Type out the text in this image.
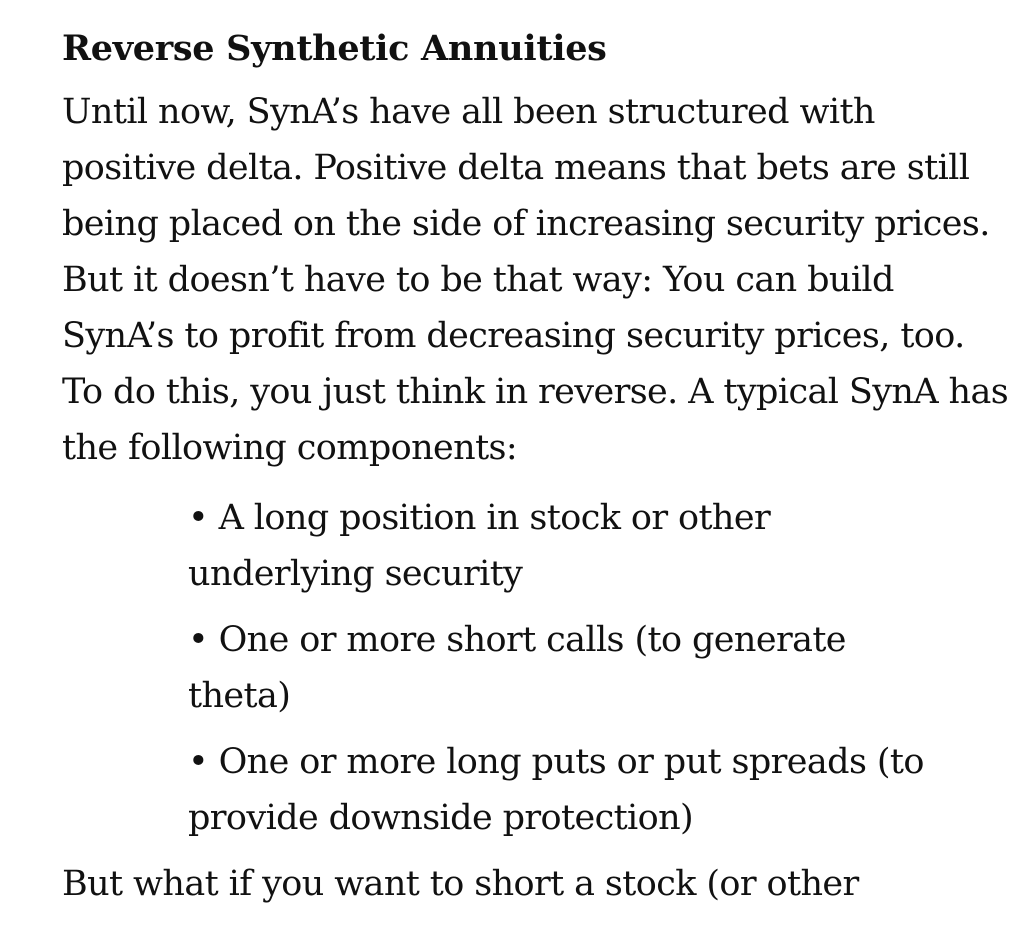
Reverse Synthetic Annuities

Until now, SynA’s have all been structured with positive delta. Positive delta means that bets are still being placed on the side of increasing security prices. But it doesn’t have to be that way: You can build SynA’s to profit from decreasing security prices, too. To do this, you just think in reverse. A typical SynA has the following components:

• A long position in stock or other underlying security
• One or more short calls (to generate theta)
• One or more long puts or put spreads (to provide downside protection)

But what if you want to short a stock (or other
